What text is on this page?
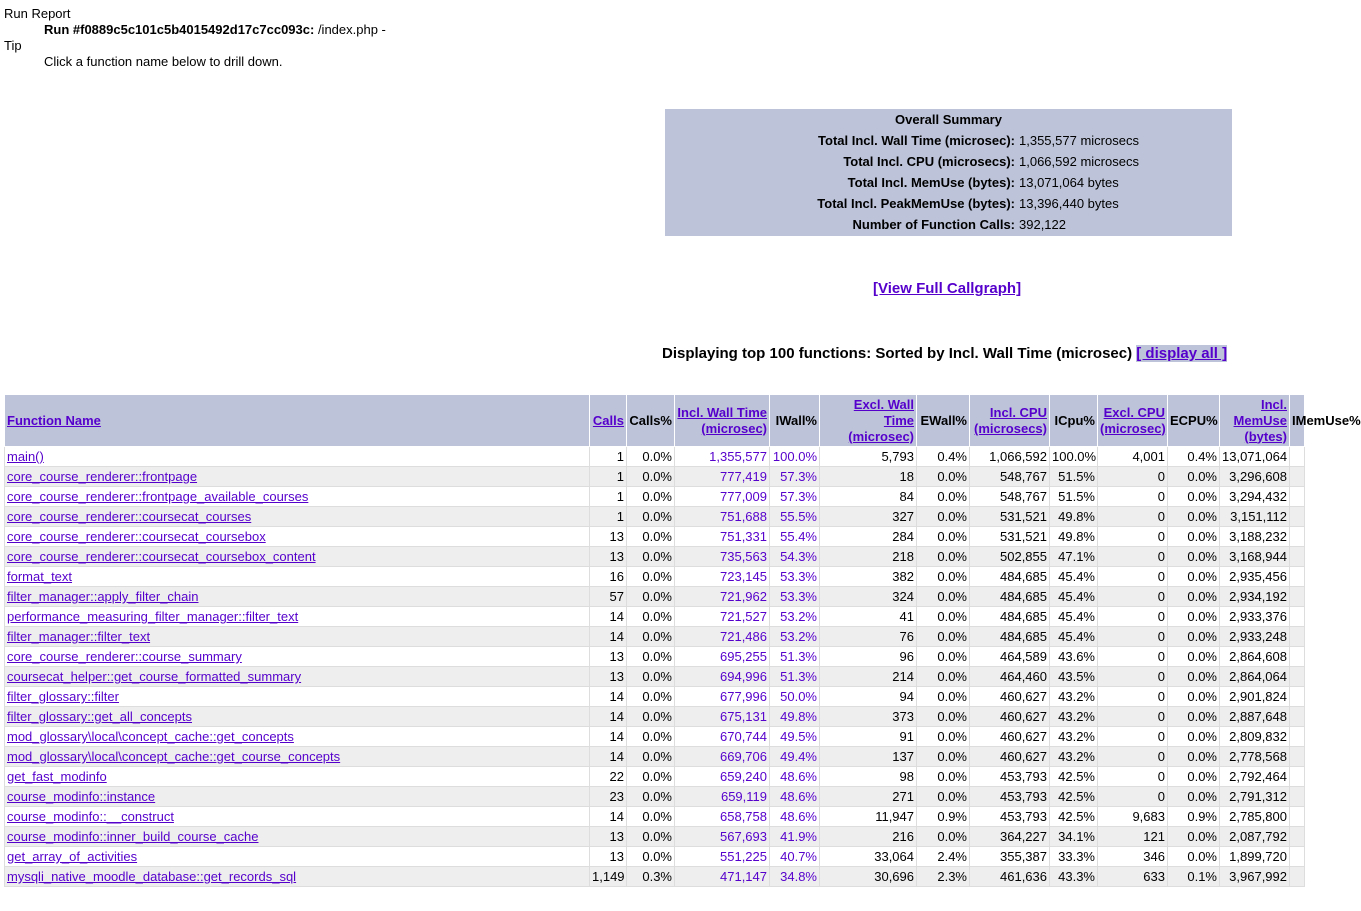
Run Report
Run #f0889c5c101c5b4015492d17c7cc093c: /index.php -
Tip
Click a function name below to drill down.
Overall Summary	
Total Incl. Wall Time (microsec):	1,355,577 microsecs
Total Incl. CPU (microsecs):	1,066,592 microsecs
Total Incl. MemUse (bytes):	13,071,064 bytes
Total Incl. PeakMemUse (bytes):	13,396,440 bytes
Number of Function Calls:	392,122
[View Full Callgraph]
Displaying top 100 functions: Sorted by Incl. Wall Time (microsec) [ display all ]
Function Name	Calls	Calls%	Incl. Wall Time (microsec)	IWall%	Excl. Wall Time (microsec)	EWall%	Incl. CPU (microsecs)	ICpu%	Excl. CPU (microsec)	ECPU%	Incl. MemUse (bytes)	IMemUse%
main()	1	0.0%	1,355,577	100.0%	5,793	0.4%	1,066,592	100.0%	4,001	0.4%	13,071,064	
core_course_renderer::frontpage	1	0.0%	777,419	57.3%	18	0.0%	548,767	51.5%	0	0.0%	3,296,608	
core_course_renderer::frontpage_available_courses	1	0.0%	777,009	57.3%	84	0.0%	548,767	51.5%	0	0.0%	3,294,432	
core_course_renderer::coursecat_courses	1	0.0%	751,688	55.5%	327	0.0%	531,521	49.8%	0	0.0%	3,151,112	
core_course_renderer::coursecat_coursebox	13	0.0%	751,331	55.4%	284	0.0%	531,521	49.8%	0	0.0%	3,188,232	
core_course_renderer::coursecat_coursebox_content	13	0.0%	735,563	54.3%	218	0.0%	502,855	47.1%	0	0.0%	3,168,944	
format_text	16	0.0%	723,145	53.3%	382	0.0%	484,685	45.4%	0	0.0%	2,935,456	
filter_manager::apply_filter_chain	57	0.0%	721,962	53.3%	324	0.0%	484,685	45.4%	0	0.0%	2,934,192	
performance_measuring_filter_manager::filter_text	14	0.0%	721,527	53.2%	41	0.0%	484,685	45.4%	0	0.0%	2,933,376	
filter_manager::filter_text	14	0.0%	721,486	53.2%	76	0.0%	484,685	45.4%	0	0.0%	2,933,248	
core_course_renderer::course_summary	13	0.0%	695,255	51.3%	96	0.0%	464,589	43.6%	0	0.0%	2,864,608	
coursecat_helper::get_course_formatted_summary	13	0.0%	694,996	51.3%	214	0.0%	464,460	43.5%	0	0.0%	2,864,064	
filter_glossary::filter	14	0.0%	677,996	50.0%	94	0.0%	460,627	43.2%	0	0.0%	2,901,824	
filter_glossary::get_all_concepts	14	0.0%	675,131	49.8%	373	0.0%	460,627	43.2%	0	0.0%	2,887,648	
mod_glossary\local\concept_cache::get_concepts	14	0.0%	670,744	49.5%	91	0.0%	460,627	43.2%	0	0.0%	2,809,832	
mod_glossary\local\concept_cache::get_course_concepts	14	0.0%	669,706	49.4%	137	0.0%	460,627	43.2%	0	0.0%	2,778,568	
get_fast_modinfo	22	0.0%	659,240	48.6%	98	0.0%	453,793	42.5%	0	0.0%	2,792,464	
course_modinfo::instance	23	0.0%	659,119	48.6%	271	0.0%	453,793	42.5%	0	0.0%	2,791,312	
course_modinfo::__construct	14	0.0%	658,758	48.6%	11,947	0.9%	453,793	42.5%	9,683	0.9%	2,785,800	
course_modinfo::inner_build_course_cache	13	0.0%	567,693	41.9%	216	0.0%	364,227	34.1%	121	0.0%	2,087,792	
get_array_of_activities	13	0.0%	551,225	40.7%	33,064	2.4%	355,387	33.3%	346	0.0%	1,899,720	
mysqli_native_moodle_database::get_records_sql	1,149	0.3%	471,147	34.8%	30,696	2.3%	461,636	43.3%	633	0.1%	3,967,992	
